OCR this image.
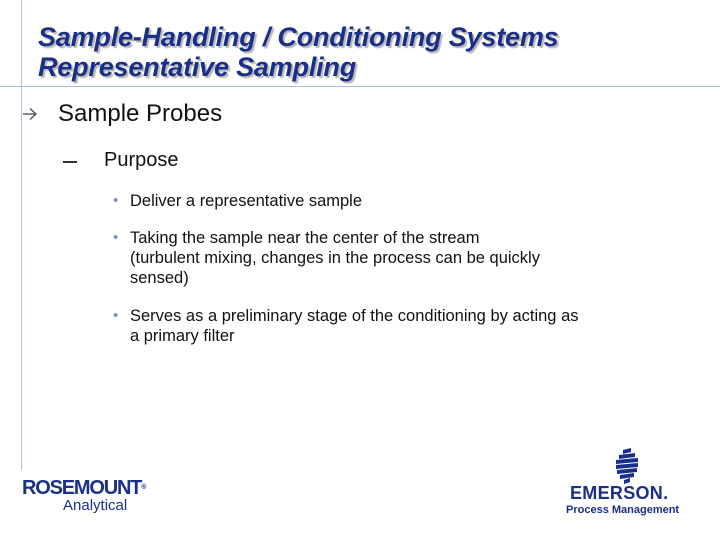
Sample-Handling / Conditioning Systems
Representative Sampling
Sample Probes
Purpose
• Deliver a representative sample
• Taking the sample near the center of the stream
(turbulent mixing, changes in the process can be quickly
sensed)
• Serves as a preliminary stage of the conditioning by acting as
a primary filter
ROSEMOUNT®
Analytical
EMERSON.
Process Management
